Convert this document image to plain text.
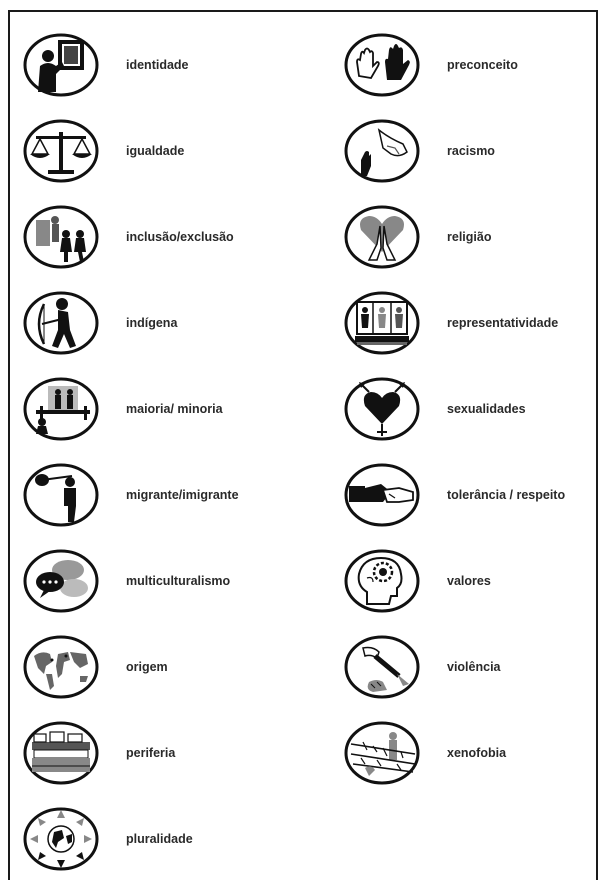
identidade
igualdade
inclusão/exclusão
indígena
maioria/ minoria
migrante/imigrante
multiculturalismo
origem
periferia
pluralidade
preconceito
racismo
religião
representatividade
sexualidades
tolerância / respeito
valores
violência
xenofobia
